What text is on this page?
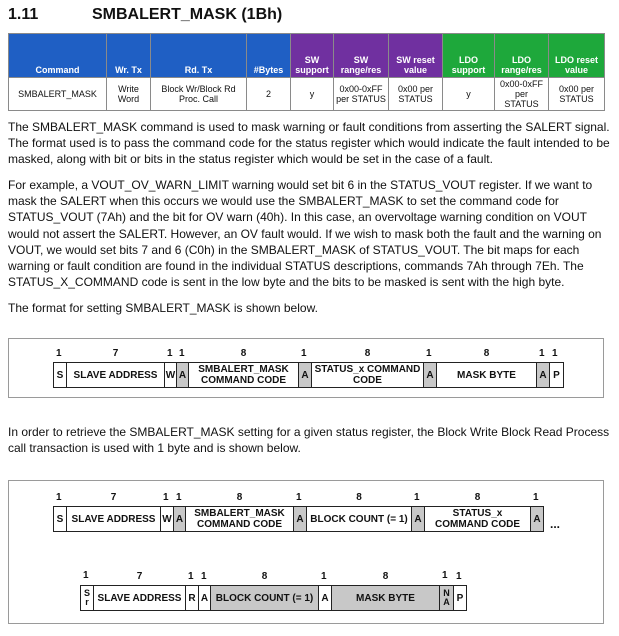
1.11	SMBALERT_MASK (1Bh)
Command	Wr. Tx	Rd. Tx	#Bytes	SW support	SW range/res	SW reset value	LDO support	LDO range/res	LDO reset value
SMBALERT_MASK	Write Word	Block Wr/Block Rd Proc. Call	2	y	0x00-0xFF per STATUS	0x00 per STATUS	y	0x00-0xFF per STATUS	0x00 per STATUS

The SMBALERT_MASK command is used to mask warning or fault conditions from asserting the SALERT signal. The format used is to pass the command code for the status register which would indicate the fault intended to be masked, along with bit or bits in the status register which would be set in the case of a fault.

For example, a VOUT_OV_WARN_LIMIT warning would set bit 6 in the STATUS_VOUT register. If we want to mask the SALERT when this occurs we would use the SMBALERT_MASK to set the command code for STATUS_VOUT (7Ah) and the bit for OV warn (40h). In this case, an overvoltage warning condition on VOUT would not assert the SALERT. However, an OV fault would. If we wish to mask both the fault and the warning on VOUT, we would set bits 7 and 6 (C0h) in the SMBALERT_MASK of STATUS_VOUT. The bit maps for each warning or fault condition are found in the individual STATUS descriptions, commands 7Ah through 7Eh. The STATUS_X_COMMAND code is sent in the low byte and the bits to be masked is sent with the high byte.

The format for setting SMBALERT_MASK is shown below.

1
S
7
SLAVE ADDRESS
1
W
1
A
8
SMBALERT_MASK COMMAND CODE
1
A
8
STATUS_x COMMAND CODE
1
A
8
MASK BYTE
1
A
1
P

In order to retrieve the SMBALERT_MASK setting for a given status register, the Block Write Block Read Process call transaction is used with 1 byte and is shown below.

1
S
7
SLAVE ADDRESS
1
W
1
A
8
SMBALERT_MASK COMMAND CODE
1
A
8
BLOCK COUNT (= 1)
1
A
8
STATUS_x COMMAND CODE
1
A ...
1
Sr
7
SLAVE ADDRESS
1
R
1
A
8
BLOCK COUNT (= 1)
1
A
8
MASK BYTE
1
NA
1
P
